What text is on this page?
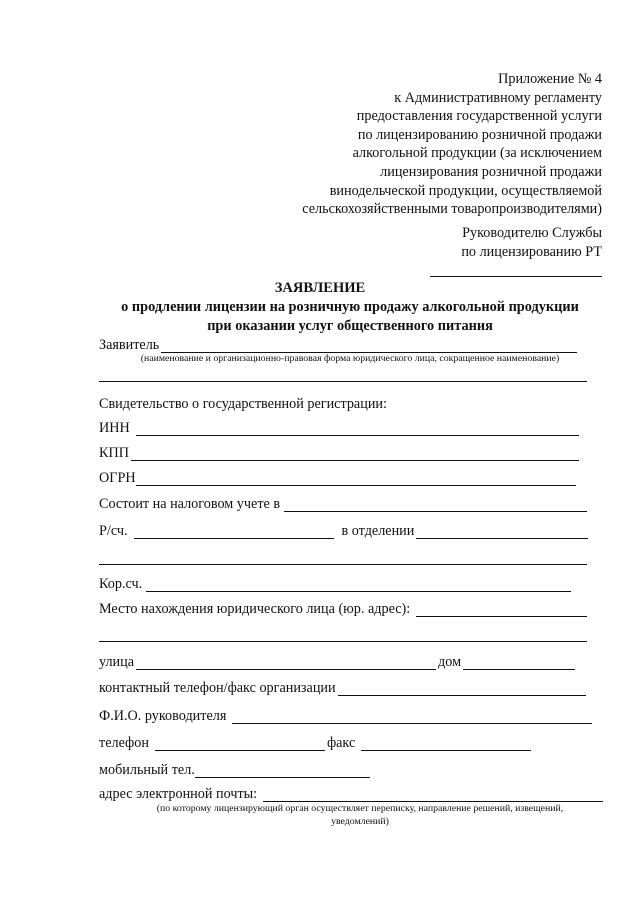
Приложение № 4
к Административному регламенту
предоставления государственной услуги
по лицензированию розничной продажи
алкогольной продукции (за исключением
лицензирования розничной продажи
винодельческой продукции, осуществляемой
сельскохозяйственными товаропроизводителями)
Руководителю Службы
по лицензированию РТ
ЗАЯВЛЕНИЕ
о продлении лицензии на розничную продажу алкогольной продукции
при оказании услуг общественного питания
Заявитель
(наименование и организационно-правовая форма юридического лица, сокращенное наименование)
Свидетельство о государственной регистрации:
ИНН
КПП
ОГРН
Состоит на налоговом учете в
Р/сч.	в отделении
Кор.сч.
Место нахождения юридического лица (юр. адрес):
улица	дом
контактный телефон/факс организации
Ф.И.О. руководителя
телефон	факс
мобильный тел.
адрес электронной почты:
(по которому лицензирующий орган осуществляет переписку, направление решений, извещений,
уведомлений)
